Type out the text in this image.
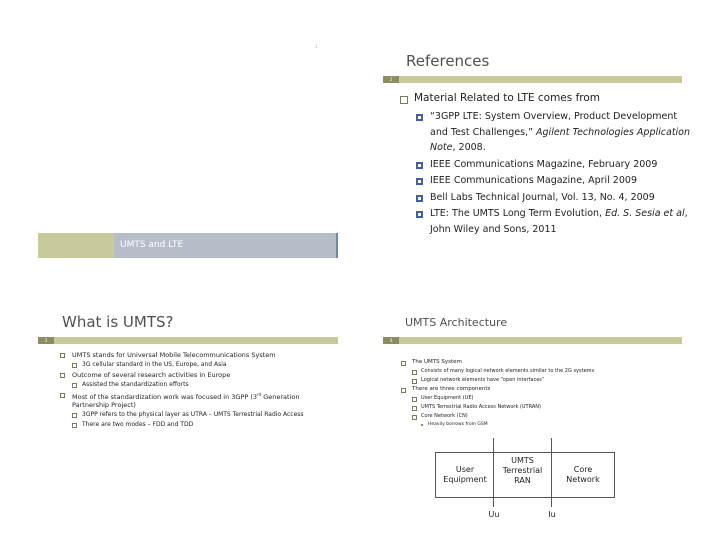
1
UMTS and LTE
References
2
Material Related to LTE comes from
“3GPP LTE: System Overview, Product Development and Test Challenges,” Agilent Technologies Application Note, 2008.
IEEE Communications Magazine, February 2009
IEEE Communications Magazine, April 2009
Bell Labs Technical Journal, Vol. 13, No. 4, 2009
LTE: The UMTS Long Term Evolution, Ed. S. Sesia et al, John Wiley and Sons, 2011
What is UMTS?
3
UMTS stands for Universal Mobile Telecommunications System
3G cellular standard in the US, Europe, and Asia
Outcome of several research activities in Europe
Assisted the standardization efforts
Most of the standardization work was focused in 3GPP (3rd Generation Partnership Project)
3GPP refers to the physical layer as UTRA – UMTS Terrestrial Radio Access
There are two modes – FDD and TDD
UMTS Architecture
4
The UMTS System
Consists of many logical network elements similar to the 2G systems
Logical network elements have “open interfaces”
There are three components
User Equipment (UE)
UMTS Terrestrial Radio Access Network (UTRAN)
Core Network (CN)
Heavily borrows from GSM
User
Equipment
UMTS
Terrestrial
RAN
Core
Network
Uu	Iu
